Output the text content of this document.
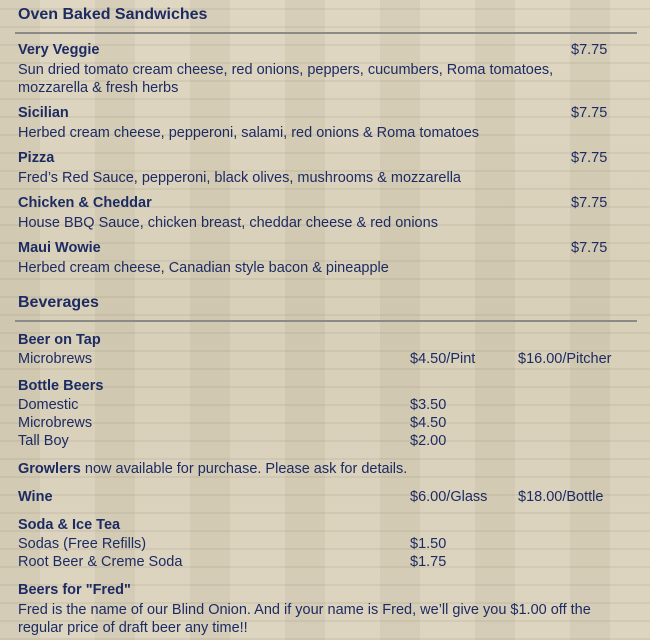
Oven Baked Sandwiches
Very Veggie	$7.75
Sun dried tomato cream cheese, red onions, peppers, cucumbers, Roma tomatoes, mozzarella & fresh herbs
Sicilian	$7.75
Herbed cream cheese, pepperoni, salami, red onions & Roma tomatoes
Pizza	$7.75
Fred’s Red Sauce, pepperoni, black olives, mushrooms & mozzarella
Chicken & Cheddar	$7.75
House BBQ Sauce, chicken breast, cheddar cheese & red onions
Maui Wowie	$7.75
Herbed cream cheese, Canadian style bacon & pineapple
Beverages
Beer on Tap
Microbrews	$4.50/Pint	$16.00/Pitcher
Bottle Beers
Domestic	$3.50
Microbrews	$4.50
Tall Boy	$2.00
Growlers now available for purchase. Please ask for details.
Wine	$6.00/Glass $18.00/Bottle
Soda & Ice Tea
Sodas (Free Refills)	$1.50
Root Beer & Creme Soda	$1.75
Beers for "Fred"
Fred is the name of our Blind Onion. And if your name is Fred, we’ll give you $1.00 off the regular price of draft beer any time!!
